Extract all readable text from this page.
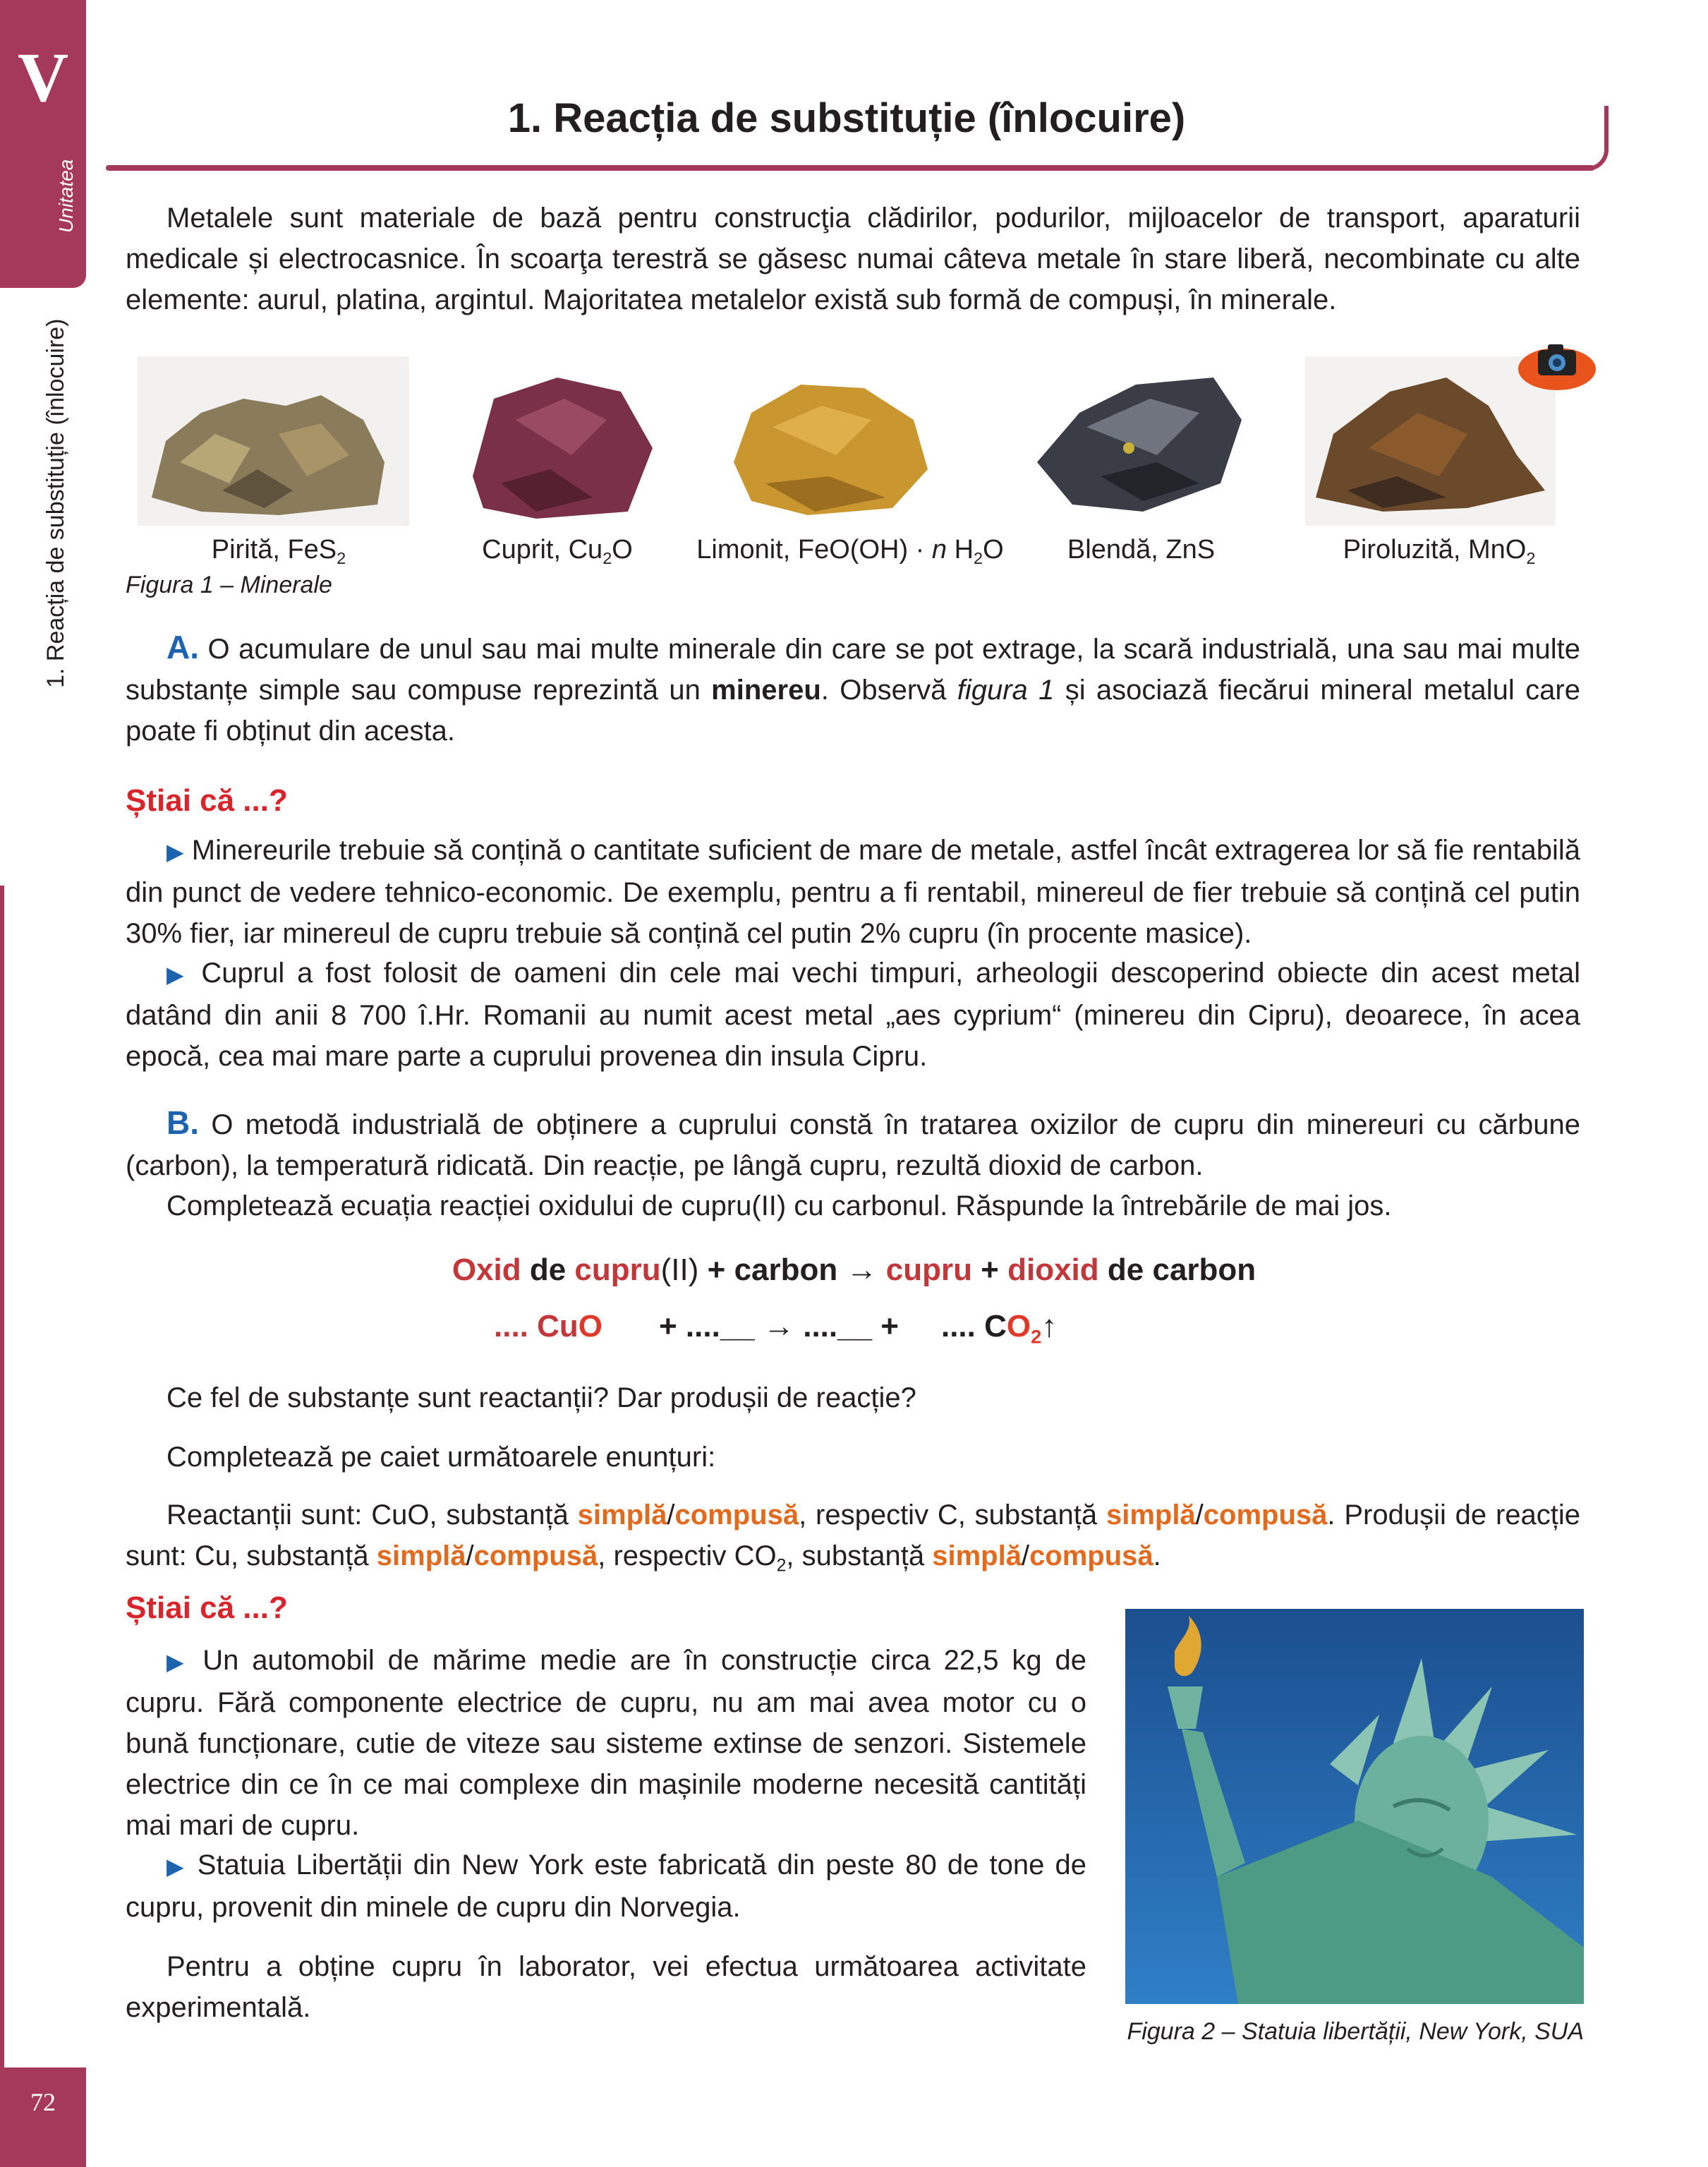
V
Unitatea
1. Reacția de substituție (înlocuire)
72
1. Reacția de substituție (înlocuire)
Metalele sunt materiale de bază pentru construcţia clădirilor, podurilor, mijloacelor de transport, aparaturii medicale și electrocasnice. În scoarţa terestră se găsesc numai câteva metale în stare liberă, necombinate cu alte elemente: aurul, platina, argintul. Majoritatea metalelor există sub formă de compuși, în minerale.
Pirită, FeS$_2$	Cuprit, $Cu_2O$	Limonit, FeO(OH) · n $H_2O$	Blendă, ZnS	Piroluzită, MnO$_2$
Figura 1 – Minerale
A. O acumulare de unul sau mai multe minerale din care se pot extrage, la scară industrială, una sau mai multe substanțe simple sau compuse reprezintă un minereu. Observă figura 1 și asociază fiecărui mineral metalul care poate fi obținut din acesta.
Știai că ...?
▶ Minereurile trebuie să conțină o cantitate suficient de mare de metale, astfel încât extragerea lor să fie rentabilă din punct de vedere tehnico-economic. De exemplu, pentru a fi rentabil, minereul de fier trebuie să conțină cel putin 30% fier, iar minereul de cupru trebuie să conțină cel putin 2% cupru (în procente masice).
▶ Cuprul a fost folosit de oameni din cele mai vechi timpuri, arheologii descoperind obiecte din acest metal datând din anii 8 700 î.Hr. Romanii au numit acest metal „aes cyprium“ (minereu din Cipru), deoarece, în acea epocă, cea mai mare parte a cuprului provenea din insula Cipru.
B. O metodă industrială de obținere a cuprului constă în tratarea oxizilor de cupru din minereuri cu cărbune (carbon), la temperatură ridicată. Din reacție, pe lângă cupru, rezultă dioxid de carbon.
Completează ecuația reacției oxidului de cupru(II) cu carbonul. Răspunde la întrebările de mai jos.
Oxid de cupru(II) + carbon → cupru + dioxid de carbon
.... CuO + ....__ → ....__ + .... $CO_2↑$
Ce fel de substanțe sunt reactanții? Dar produșii de reacție?
Completează pe caiet următoarele enunțuri:
Reactanții sunt: CuO, substanță simplă/compusă, respectiv C, substanță simplă/compusă. Produșii de reacție sunt: Cu, substanță simplă/compusă, respectiv $CO_2$, substanță simplă/compusă.
Știai că ...?
▶ Un automobil de mărime medie are în construcție circa 22,5 kg de cupru. Fără componente electrice de cupru, nu am mai avea motor cu o bună funcționare, cutie de viteze sau sisteme extinse de senzori. Sistemele electrice din ce în ce mai complexe din mașinile moderne necesită cantități mai mari de cupru.
▶ Statuia Libertății din New York este fabricată din peste 80 de tone de cupru, provenit din minele de cupru din Norvegia.
Pentru a obține cupru în laborator, vei efectua următoarea activitate experimentală.
Figura 2 – Statuia libertății, New York, SUA
